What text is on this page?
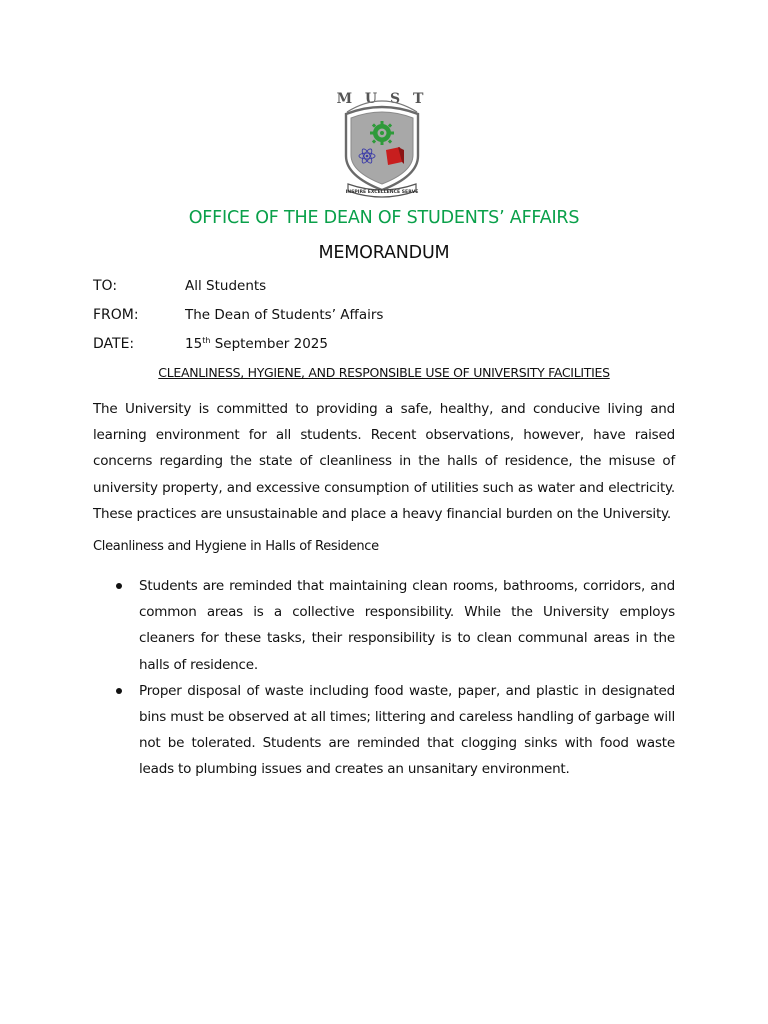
M U S T
INSPIRE EXCELLENCE SERVE
OFFICE OF THE DEAN OF STUDENTS’ AFFAIRS
MEMORANDUM
TO:	All Students
FROM:	The Dean of Students’ Affairs
DATE:	15th September 2025
CLEANLINESS, HYGIENE, AND RESPONSIBLE USE OF UNIVERSITY FACILITIES
The University is committed to providing a safe, healthy, and conducive living and learning environment for all students. Recent observations, however, have raised concerns regarding the state of cleanliness in the halls of residence, the misuse of university property, and excessive consumption of utilities such as water and electricity. These practices are unsustainable and place a heavy financial burden on the University.
Cleanliness and Hygiene in Halls of Residence
Students are reminded that maintaining clean rooms, bathrooms, corridors, and common areas is a collective responsibility. While the University employs cleaners for these tasks, their responsibility is to clean communal areas in the halls of residence.
Proper disposal of waste including food waste, paper, and plastic in designated bins must be observed at all times; littering and careless handling of garbage will not be tolerated. Students are reminded that clogging sinks with food waste leads to plumbing issues and creates an unsanitary environment.
